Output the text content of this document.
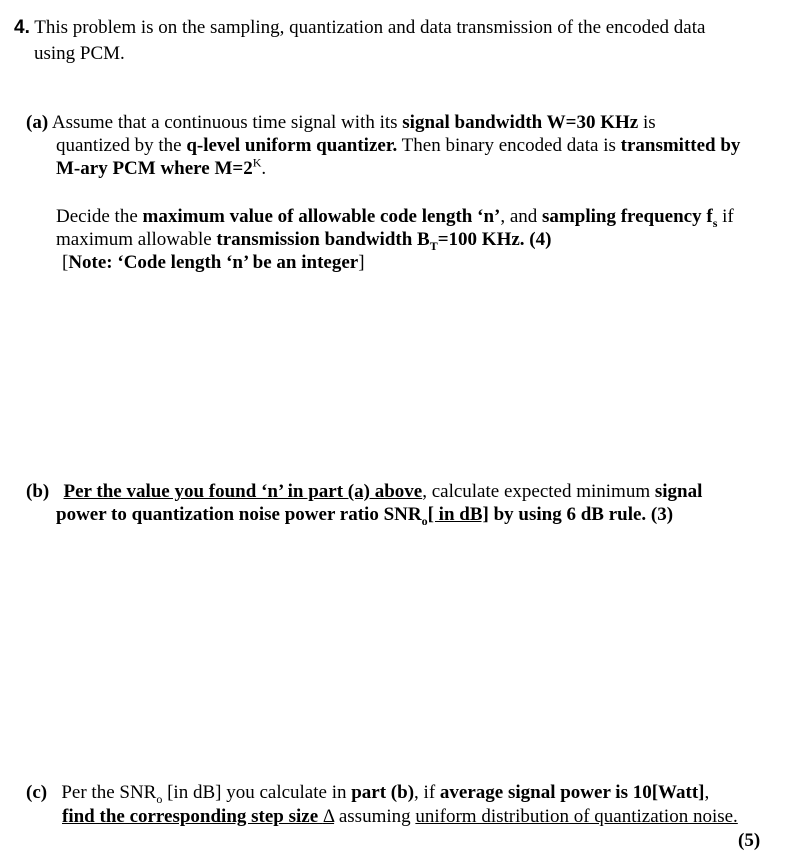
4. This problem is on the sampling, quantization and data transmission of the encoded data
using PCM.
(a) Assume that a continuous time signal with its signal bandwidth W=30 KHz is
quantized by the q-level uniform quantizer. Then binary encoded data is transmitted by
M-ary PCM where $M=2^K$.
Decide the maximum value of allowable code length ‘n’, and sampling frequency $f_s$ if
maximum allowable transmission bandwidth $B_T=100$ KHz. (4)
[Note: ‘Code length ‘n’ be an integer]
(b) Per the value you found ‘n’ in part (a) above, calculate expected minimum signal
power to quantization noise power ratio $SNR_o$[ in dB] by using 6 dB rule. (3)
(c)   Per the $SNR_o$ [in dB] you calculate in part (b), if average signal power is 10[Watt],
find the corresponding step size Δ assuming uniform distribution of quantization noise.
(5)
